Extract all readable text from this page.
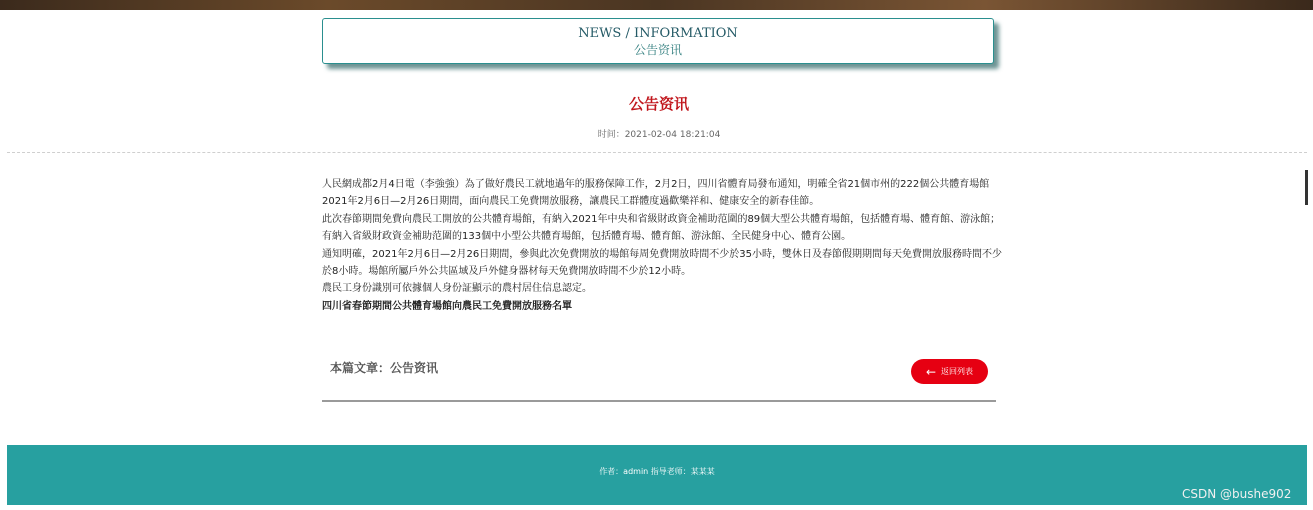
NEWS / INFORMATION
公告资讯
公告资讯
时间：2021-02-04 18:21:04

人民網成都2月4日電（李強強）為了做好農民工就地過年的服務保障工作，2月2日，四川省體育局發布通知，明確全省21個市州的222個公共體育場館2021年2月6日—2月26日期間，面向農民工免費開放服務，讓農民工群體度過歡樂祥和、健康安全的新春佳節。

此次春節期間免費向農民工開放的公共體育場館，有納入2021年中央和省級財政資金補助范圍的89個大型公共體育場館，包括體育場、體育館、游泳館；有納入省級財政資金補助范圍的133個中小型公共體育場館，包括體育場、體育館、游泳館、全民健身中心、體育公園。

通知明確，2021年2月6日—2月26日期間，參與此次免費開放的場館每周免費開放時間不少於35小時，雙休日及春節假期期間每天免費開放服務時間不少於8小時。場館所屬戶外公共區域及戶外健身器材每天免費開放時間不少於12小時。

農民工身份識別可依據個人身份証顯示的農村居住信息認定。

四川省春節期間公共體育場館向農民工免費開放服務名單

本篇文章：公告资讯	← 返回列表
作者：admin 指导老师：某某某
CSDN @bushe902
